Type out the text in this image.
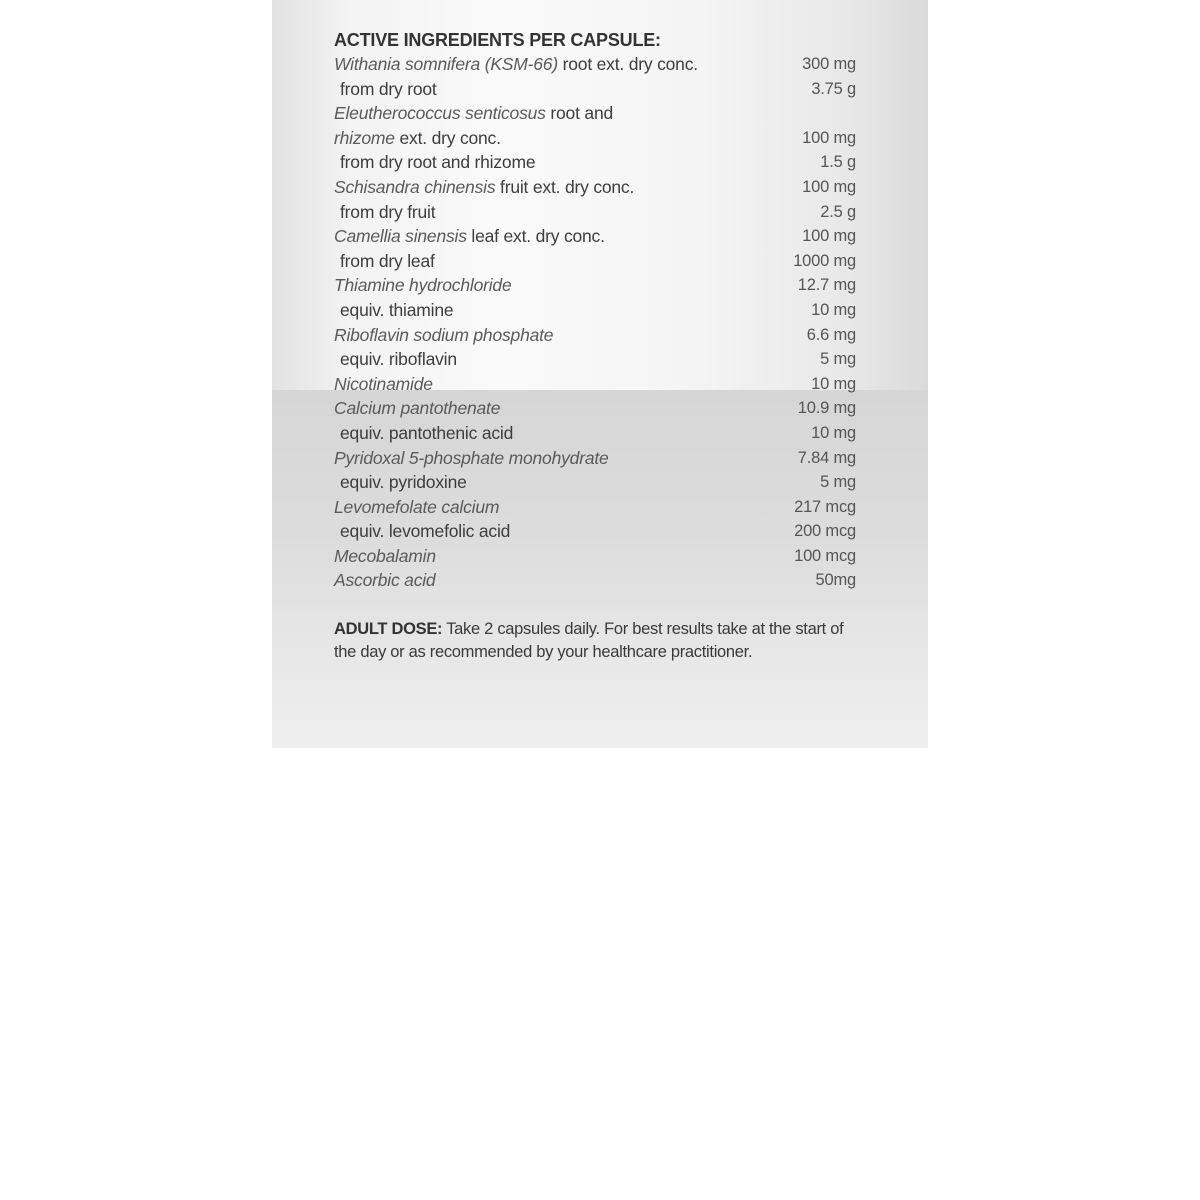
ACTIVE INGREDIENTS PER CAPSULE:
Withania somnifera (KSM-66) root ext. dry conc.	300 mg
from dry root	3.75 g
Eleutherococcus senticosus root and
rhizome ext. dry conc.	100 mg
from dry root and rhizome	1.5 g
Schisandra chinensis fruit ext. dry conc.	100 mg
from dry fruit	2.5 g
Camellia sinensis leaf ext. dry conc.	100 mg
from dry leaf	1000 mg
Thiamine hydrochloride	12.7 mg
equiv. thiamine	10 mg
Riboflavin sodium phosphate	6.6 mg
equiv. riboflavin	5 mg
Nicotinamide	10 mg
Calcium pantothenate	10.9 mg
equiv. pantothenic acid	10 mg
Pyridoxal 5-phosphate monohydrate	7.84 mg
equiv. pyridoxine	5 mg
Levomefolate calcium	217 mcg
equiv. levomefolic acid	200 mcg
Mecobalamin	100 mcg
Ascorbic acid	50mg
ADULT DOSE: Take 2 capsules daily. For best results take at the start of the day or as recommended by your healthcare practitioner.
